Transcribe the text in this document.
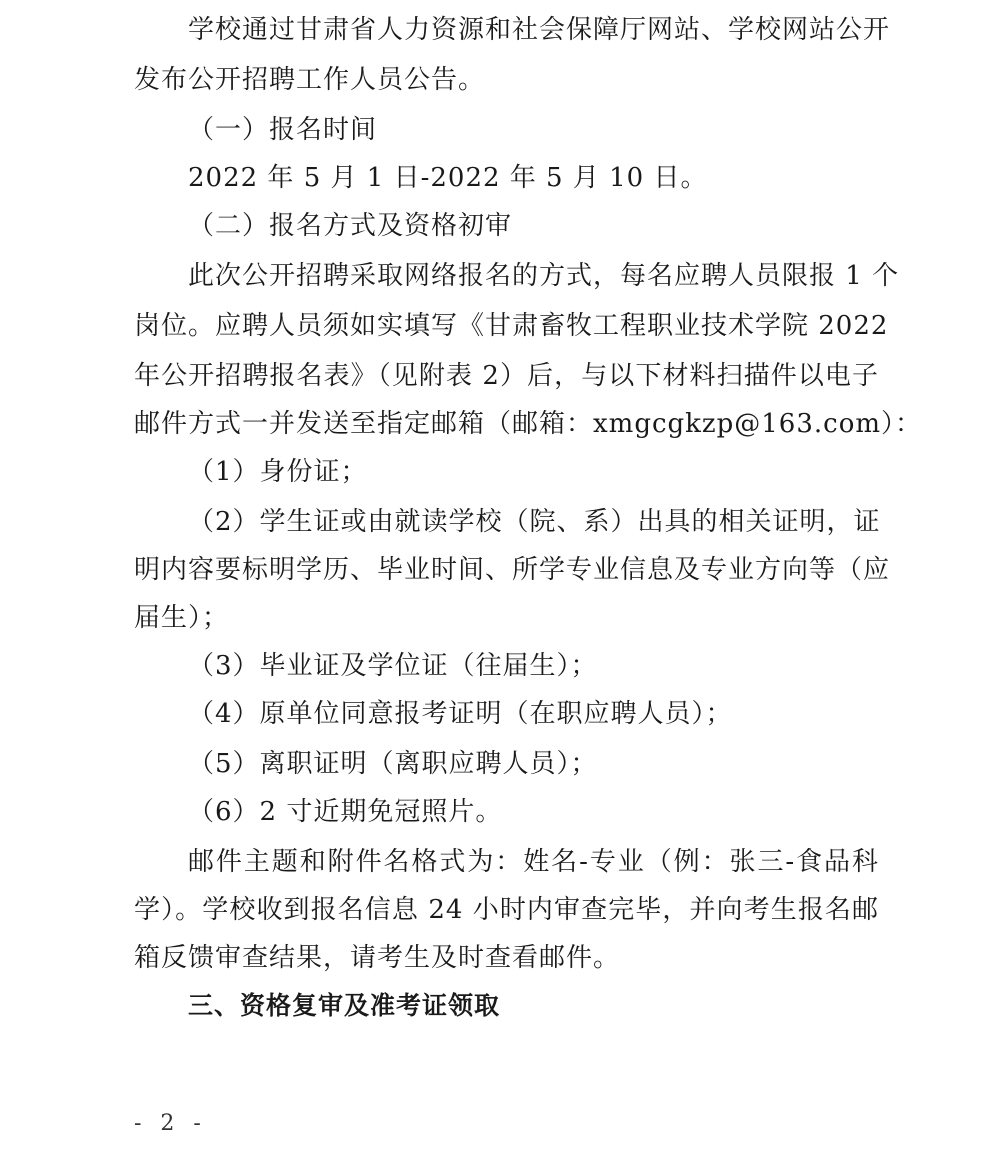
学校通过甘肃省人力资源和社会保障厅网站、学校网站公开
发布公开招聘工作人员公告。
（一）报名时间
2022 年 5 月 1 日-2022 年 5 月 10 日。
（二）报名方式及资格初审
此次公开招聘采取网络报名的方式，每名应聘人员限报 1 个
岗位。应聘人员须如实填写《甘肃畜牧工程职业技术学院 2022
年公开招聘报名表》（见附表 2）后，与以下材料扫描件以电子
邮件方式一并发送至指定邮箱（邮箱：xmgcgkzp@163.com）：
（1）身份证；
（2）学生证或由就读学校（院、系）出具的相关证明，证
明内容要标明学历、毕业时间、所学专业信息及专业方向等（应
届生）；
（3）毕业证及学位证（往届生）；
（4）原单位同意报考证明（在职应聘人员）；
（5）离职证明（离职应聘人员）；
（6）2 寸近期免冠照片。
邮件主题和附件名格式为：姓名-专业（例：张三-食品科
学）。学校收到报名信息 24 小时内审查完毕，并向考生报名邮
箱反馈审查结果，请考生及时查看邮件。
三、资格复审及准考证领取
- 2 -
